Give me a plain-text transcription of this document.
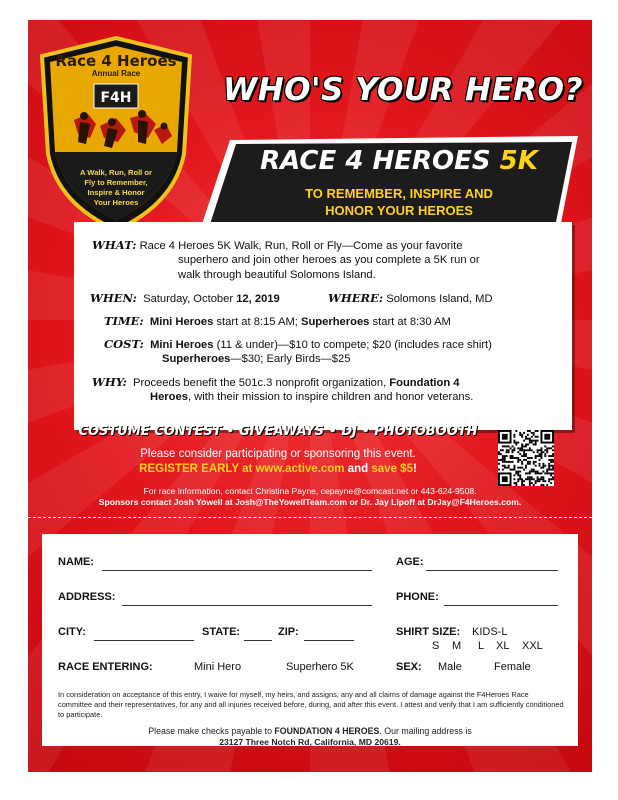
F4H
Race 4 Heroes
Annual Race
A Walk, Run, Roll or
Fly to Remember,
Inspire & Honor
Your Heroes
WHO'S YOUR HERO?
RACE 4 HEROES 5K
TO REMEMBER, INSPIRE AND
HONOR YOUR HEROES
WHAT: Race 4 Heroes 5K Walk, Run, Roll or Fly—Come as your favorite
superhero and join other heroes as you complete a 5K run or
walk through beautiful Solomons Island.
WHEN: Saturday, October 12, 2019	WHERE: Solomons Island, MD
TIME: Mini Heroes start at 8:15 AM; Superheroes start at 8:30 AM
COST: Mini Heroes (11 & under)—$10 to compete; $20 (includes race shirt)
Superheroes—$30; Early Birds—$25
WHY: Proceeds benefit the 501c.3 nonprofit organization, Foundation 4
Heroes, with their mission to inspire children and honor veterans.
COSTUME CONTEST • GIVEAWAYS • DJ • PHOTOBOOTH
Please consider participating or sponsoring this event.
REGISTER EARLY at www.active.com and save $5!
For race information, contact Christina Payne, cepayne@comcast.net or 443-624-9508.
Sponsors contact Josh Yowell at Josh@TheYowellTeam.com or Dr. Jay Lipoff at DrJay@F4Heroes.com.
NAME:	AGE:
ADDRESS:	PHONE:
CITY:	STATE:	ZIP:	SHIRT SIZE: KIDS-L
S M L XL XXL
RACE ENTERING:	Mini Hero	Superhero 5K	SEX: Male	Female
In consideration on acceptance of this entry, I waive for myself, my heirs, and assigns, any and all claims of damage against the F4Heroes Race committee and their representatives, for any and all injuries received before, during, and after this event. I attest and verify that I am sufficiently conditioned to participate.
Please make checks payable to FOUNDATION 4 HEROES. Our mailing address is
23127 Three Notch Rd, California, MD 20619.
